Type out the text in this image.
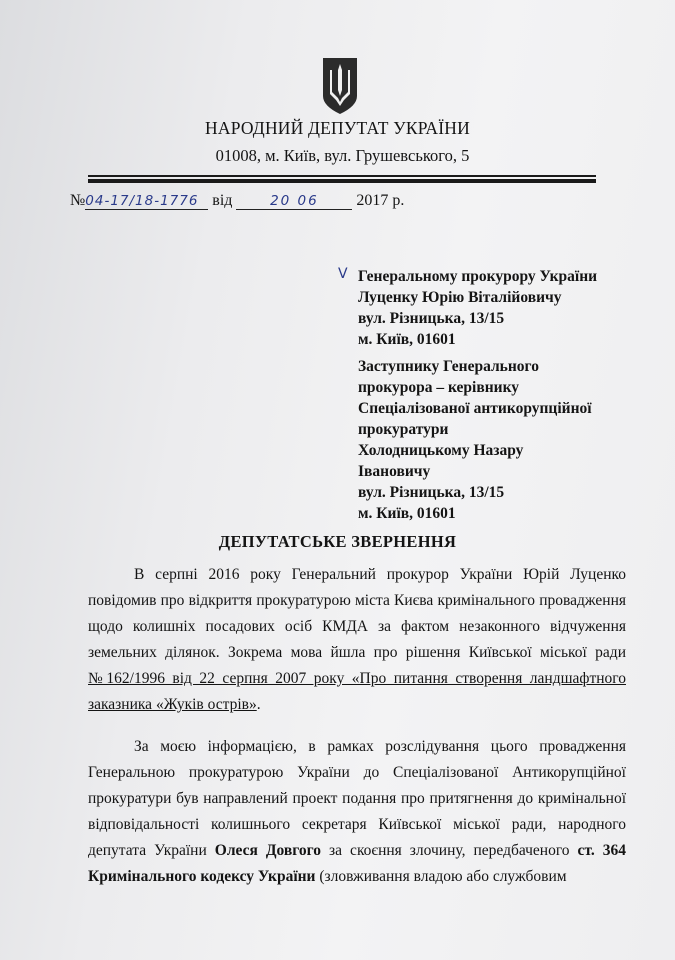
НАРОДНИЙ ДЕПУТАТ УКРАЇНИ
01008, м. Київ, вул. Грушевського, 5
№04-17/18-1776 від	20 06 2017 р.
V Генеральному прокурору України
Луценку Юрію Віталійовичу
вул. Різницька, 13/15
м. Київ, 01601
Заступнику Генерального
прокурора – керівнику
Спеціалізованої антикорупційної
прокуратури
Холодницькому Назару
Івановичу
вул. Різницька, 13/15
м. Київ, 01601
ДЕПУТАТСЬКЕ ЗВЕРНЕННЯ
В серпні 2016 року Генеральний прокурор України Юрій Луценко повідомив про відкриття прокуратурою міста Києва кримінального провадження щодо колишніх посадових осіб КМДА за фактом незаконного відчуження земельних ділянок. Зокрема мова йшла про рішення Київської міської ради №162/1996 від 22 серпня 2007 року «Про питання створення ландшафтного заказника «Жуків острів».
За моєю інформацією, в рамках розслідування цього провадження Генеральною прокуратурою України до Спеціалізованої Антикорупційної прокуратури був направлений проект подання про притягнення до кримінальної відповідальності колишнього секретаря Київської міської ради, народного депутата України Олеся Довгого за скоєння злочину, передбаченого ст. 364 Кримінального кодексу України (зловживання владою або службовим
